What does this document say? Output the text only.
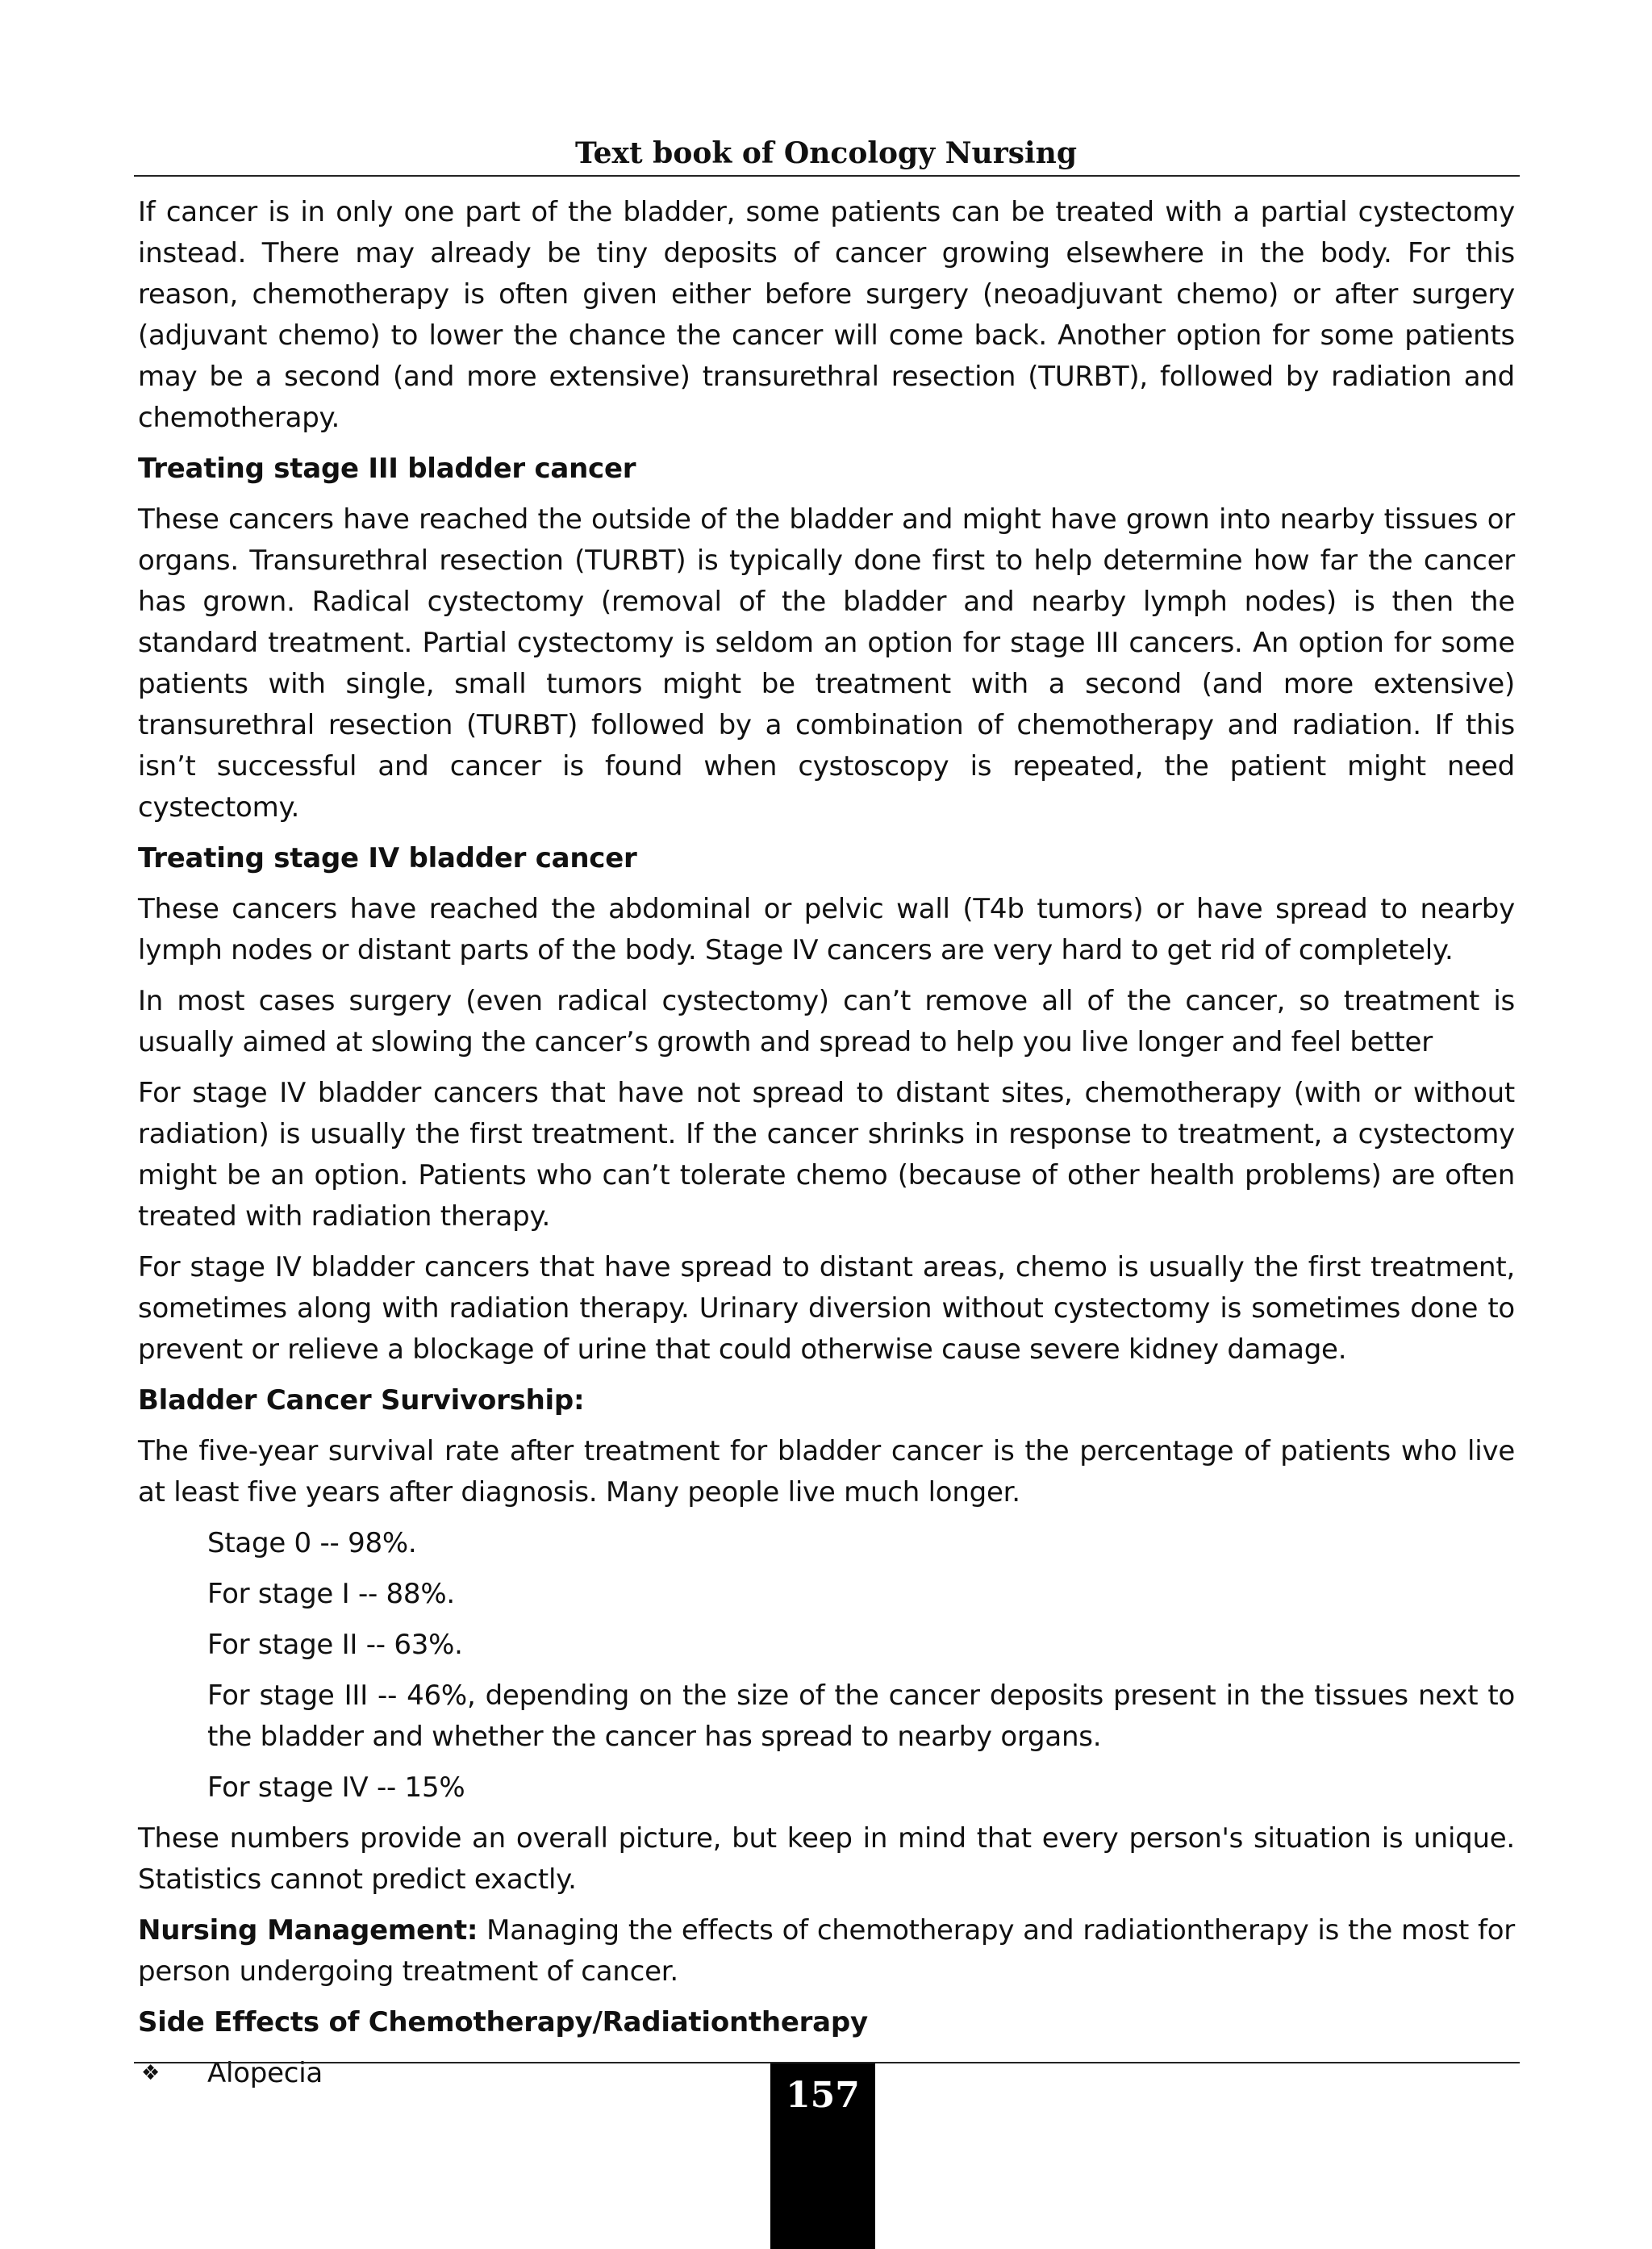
Text book of Oncology Nursing

If cancer is in only one part of the bladder, some patients can be treated with a partial cystectomy instead. There may already be tiny deposits of cancer growing elsewhere in the body. For this reason, chemotherapy is often given either before surgery (neoadjuvant chemo) or after surgery (adjuvant chemo) to lower the chance the cancer will come back. Another option for some patients may be a second (and more extensive) transurethral resection (TURBT), followed by radiation and chemotherapy.

Treating stage III bladder cancer

These cancers have reached the outside of the bladder and might have grown into nearby tissues or organs. Transurethral resection (TURBT) is typically done first to help determine how far the cancer has grown. Radical cystectomy (removal of the bladder and nearby lymph nodes) is then the standard treatment. Partial cystectomy is seldom an option for stage III cancers. An option for some patients with single, small tumors might be treatment with a second (and more extensive) transurethral resection (TURBT) followed by a combination of chemotherapy and radiation. If this isn’t successful and cancer is found when cystoscopy is repeated, the patient might need cystectomy.

Treating stage IV bladder cancer

These cancers have reached the abdominal or pelvic wall (T4b tumors) or have spread to nearby lymph nodes or distant parts of the body. Stage IV cancers are very hard to get rid of completely.

In most cases surgery (even radical cystectomy) can’t remove all of the cancer, so treatment is usually aimed at slowing the cancer’s growth and spread to help you live longer and feel better

For stage IV bladder cancers that have not spread to distant sites, chemotherapy (with or without radiation) is usually the first treatment. If the cancer shrinks in response to treatment, a cystectomy might be an option. Patients who can’t tolerate chemo (because of other health problems) are often treated with radiation therapy.

For stage IV bladder cancers that have spread to distant areas, chemo is usually the first treatment, sometimes along with radiation therapy. Urinary diversion without cystectomy is sometimes done to prevent or relieve a blockage of urine that could otherwise cause severe kidney damage.

Bladder Cancer Survivorship:

The five-year survival rate after treatment for bladder cancer is the percentage of patients who live at least five years after diagnosis. Many people live much longer.

Stage 0 -- 98%.
For stage I -- 88%.
For stage II -- 63%.
For stage III -- 46%, depending on the size of the cancer deposits present in the tissues next to the bladder and whether the cancer has spread to nearby organs.
For stage IV -- 15%

These numbers provide an overall picture, but keep in mind that every person's situation is unique. Statistics cannot predict exactly.

Nursing Management: Managing the effects of chemotherapy and radiationtherapy is the most for person undergoing treatment of cancer.

Side Effects of Chemotherapy/Radiationtherapy
❖	Alopecia
157
